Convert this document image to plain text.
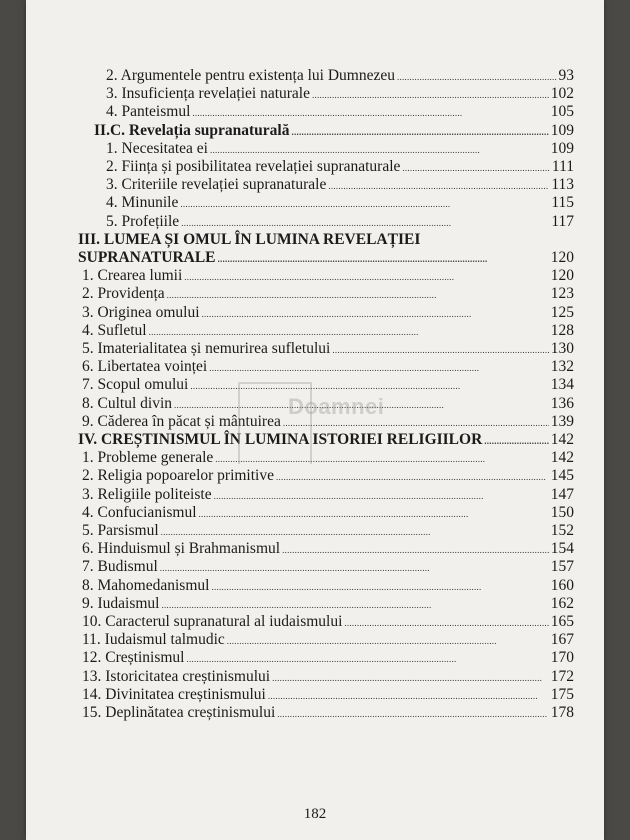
2. Argumentele pentru existența lui Dumnezeu . . .	93
3. Insuficiența revelației naturale . . .	102
4. Panteismul . . .	105
II.C. Revelația supranaturală . . .	109
1. Necesitatea ei . . .	109
2. Ființa și posibilitatea revelației supranaturale . . .	111
3. Criteriile revelației supranaturale . . .	113
4. Minunile . . .	115
5. Profețiile . . .	117
III. LUMEA ȘI OMUL ÎN LUMINA REVELAȚIEI
SUPRANATURALE . . .	120
1. Crearea lumii . . .	120
2. Providența . . .	123
3. Originea omului . . .	125
4. Sufletul . . .	128
5. Imaterialitatea și nemurirea sufletului . . .	130
6. Libertatea voinței . . .	132
7. Scopul omului . . .	134
8. Cultul divin . . .	136
9. Căderea în păcat și mântuirea . . .	139
IV. CREȘTINISMUL ÎN LUMINA ISTORIEI RELIGIILOR . . .	142
1. Probleme generale . . .	142
2. Religia popoarelor primitive . . .	145
3. Religiile politeiste . . .	147
4. Confucianismul . . .	150
5. Parsismul . . .	152
6. Hinduismul și Brahmanismul . . .	154
7. Budismul . . .	157
8. Mahomedanismul . . .	160
9. Iudaismul . . .	162
10. Caracterul supranatural al iudaismului . . .	165
11. Iudaismul talmudic . . .	167
12. Creștinismul . . .	170
13. Istoricitatea creștinismului . . .	172
14. Divinitatea creștinismului . . .	175
15. Deplinătatea creștinismului . . .	178
Doamnei
182
